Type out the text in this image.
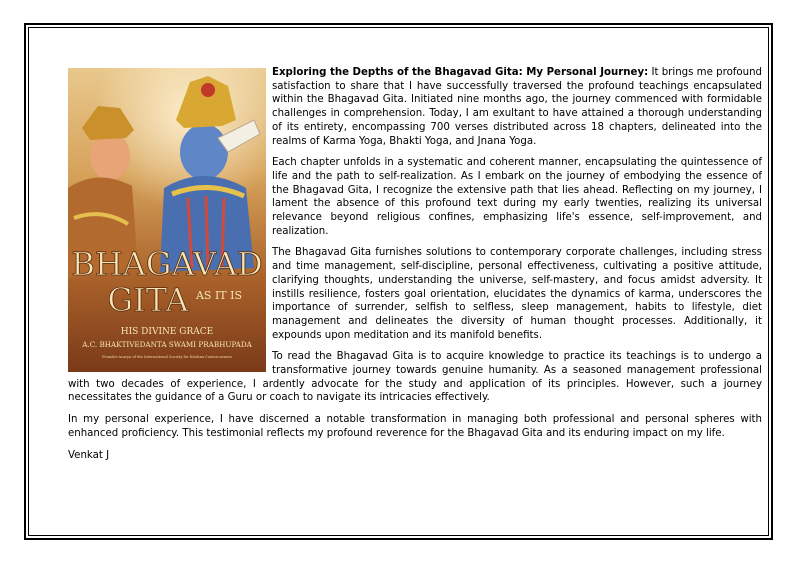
BHAGAVAD
GITA AS IT IS
HIS DIVINE GRACE
A.C. BHAKTIVEDANTA SWAMI PRABHUPADA
Founder-Acarya of the International Society for Krishna Consciousness

Exploring the Depths of the Bhagavad Gita: My Personal Journey: It brings me profound satisfaction to share that I have successfully traversed the profound teachings encapsulated within the Bhagavad Gita. Initiated nine months ago, the journey commenced with formidable challenges in comprehension. Today, I am exultant to have attained a thorough understanding of its entirety, encompassing 700 verses distributed across 18 chapters, delineated into the realms of Karma Yoga, Bhakti Yoga, and Jnana Yoga.

Each chapter unfolds in a systematic and coherent manner, encapsulating the quintessence of life and the path to self-realization. As I embark on the journey of embodying the essence of the Bhagavad Gita, I recognize the extensive path that lies ahead. Reflecting on my journey, I lament the absence of this profound text during my early twenties, realizing its universal relevance beyond religious confines, emphasizing life's essence, self-improvement, and realization.

The Bhagavad Gita furnishes solutions to contemporary corporate challenges, including stress and time management, self-discipline, personal effectiveness, cultivating a positive attitude, clarifying thoughts, understanding the universe, self-mastery, and focus amidst adversity. It instills resilience, fosters goal orientation, elucidates the dynamics of karma, underscores the importance of surrender, selfish to selfless, sleep management, habits to lifestyle, diet management and delineates the diversity of human thought processes. Additionally, it expounds upon meditation and its manifold benefits.

To read the Bhagavad Gita is to acquire knowledge to practice its teachings is to undergo a transformative journey towards genuine humanity. As a seasoned management professional with two decades of experience, I ardently advocate for the study and application of its principles. However, such a journey necessitates the guidance of a Guru or coach to navigate its intricacies effectively.

In my personal experience, I have discerned a notable transformation in managing both professional and personal spheres with enhanced proficiency. This testimonial reflects my profound reverence for the Bhagavad Gita and its enduring impact on my life.

Venkat J
